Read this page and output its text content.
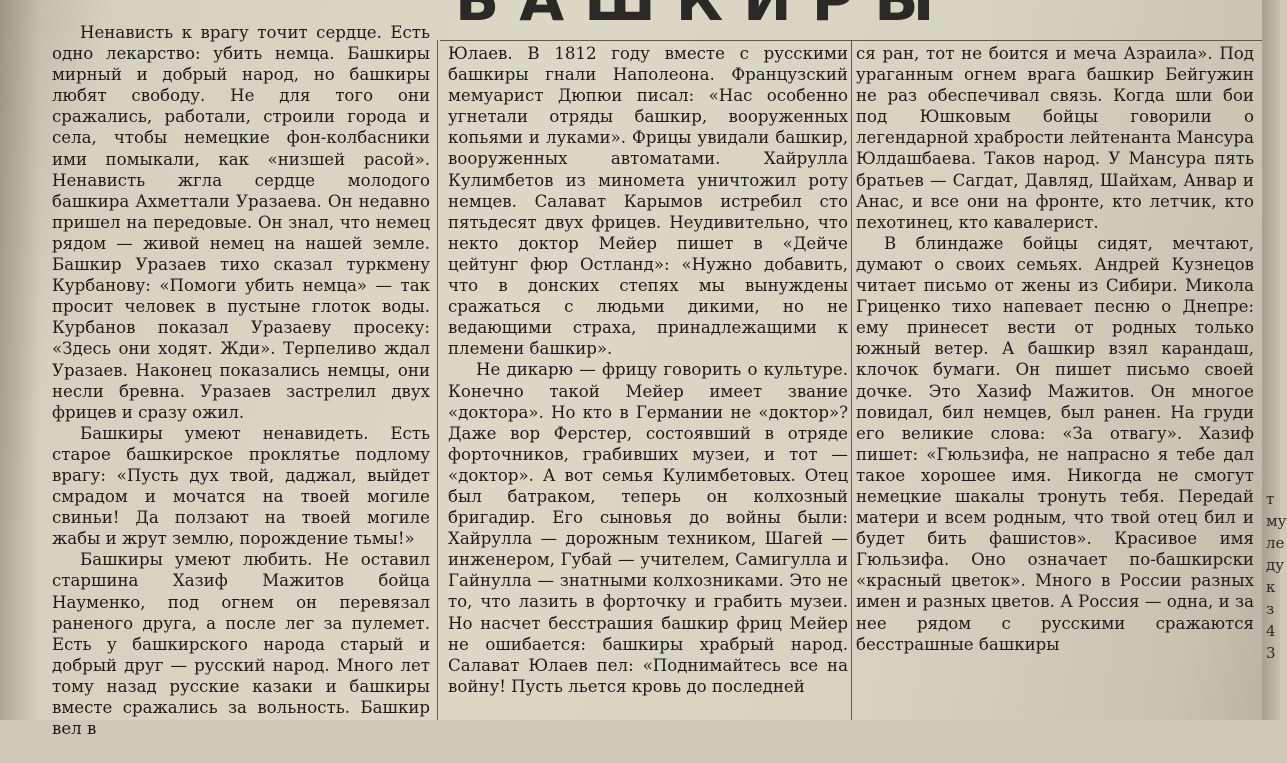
Ненависть к врагу точит сердце. Есть одно лекарство: убить немца. Башкиры мирный и добрый народ, но башкиры любят свободу. Не для того они сражались, работали, строили города и села, чтобы немецкие фон-колбасники ими помыкали, как «низшей расой». Ненависть жгла сердце молодого башкира Ахметтали Уразаева. Он недавно пришел на передовые. Он знал, что немец рядом — живой немец на нашей земле. Башкир Уразаев тихо сказал туркмену Курбанову: «Помоги убить немца» — так просит человек в пустыне глоток воды. Курбанов показал Уразаеву просеку: «Здесь они ходят. Жди». Терпеливо ждал Уразаев. Наконец показались немцы, они несли бревна. Уразаев застрелил двух фрицев и сразу ожил.

Башкиры умеют ненавидеть. Есть старое башкирское проклятье подлому врагу: «Пусть дух твой, даджал, выйдет смрадом и мочатся на твоей могиле свиньи! Да ползают на твоей могиле жабы и жрут землю, порождение тьмы!»

Башкиры умеют любить. Не оставил старшина Хазиф Мажитов бойца Науменко, под огнем он перевязал раненого друга, а после лег за пулемет. Есть у башкирского народа старый и добрый друг — русский народ. Много лет тому назад русские казаки и башкиры вместе сражались за вольность. Башкир вел в

Юлаев. В 1812 году вместе с русскими башкиры гнали Наполеона. Французский мемуарист Дюпюи писал: «Нас особенно угнетали отряды башкир, вооруженных копьями и луками». Фрицы увидали башкир, вооруженных автоматами. Хайрулла Кулимбетов из миномета уничтожил роту немцев. Салават Карымов истребил сто пятьдесят двух фрицев. Неудивительно, что некто доктор Мейер пишет в «Дейче цейтунг фюр Остланд»: «Нужно добавить, что в донских степях мы вынуждены сражаться с людьми дикими, но не ведающими страха, принадлежащими к племени башкир».

Не дикарю — фрицу говорить о культуре. Конечно такой Мейер имеет звание «доктора». Но кто в Германии не «доктор»? Даже вор Ферстер, состоявший в отряде форточников, грабивших музеи, и тот — «доктор». А вот семья Кулимбетовых. Отец был батраком, теперь он колхозный бригадир. Его сыновья до войны были: Хайрулла — дорожным техником, Шагей — инженером, Губай — учителем, Самигулла и Гайнулла — знатными колхозниками. Это не то, что лазить в форточку и грабить музеи. Но насчет бесстрашия башкир фриц Мейер не ошибается: башкиры храбрый народ. Салават Юлаев пел: «Поднимайтесь все на войну! Пусть льется кровь до последней

ся ран, тот не боится и меча Азраила». Под ураганным огнем врага башкир Бейгужин не раз обеспечивал связь. Когда шли бои под Юшковым бойцы говорили о легендарной храбрости лейтенанта Мансура Юлдашбаева. Таков народ. У Мансура пять братьев — Сагдат, Давляд, Шайхам, Анвар и Анас, и все они на фронте, кто летчик, кто пехотинец, кто кавалерист.

В блиндаже бойцы сидят, мечтают, думают о своих семьях. Андрей Кузнецов читает письмо от жены из Сибири. Микола Гриценко тихо напевает песню о Днепре: ему принесет вести от родных только южный ветер. А башкир взял карандаш, клочок бумаги. Он пишет письмо своей дочке. Это Хазиф Мажитов. Он многое повидал, бил немцев, был ранен. На груди его великие слова: «За отвагу». Хазиф пишет: «Гюльзифа, не напрасно я тебе дал такое хорошее имя. Никогда не смогут немецкие шакалы тронуть тебя. Передай матери и всем родным, что твой отец бил и будет бить фашистов». Красивое имя Гюльзифа. Оно означает по-башкирски «красный цветок». Много в России разных имен и разных цветов. А Россия — одна, и за нее рядом с русскими сражаются бесстрашные башкиры

т
му
ле
ду
к
з
4
3
